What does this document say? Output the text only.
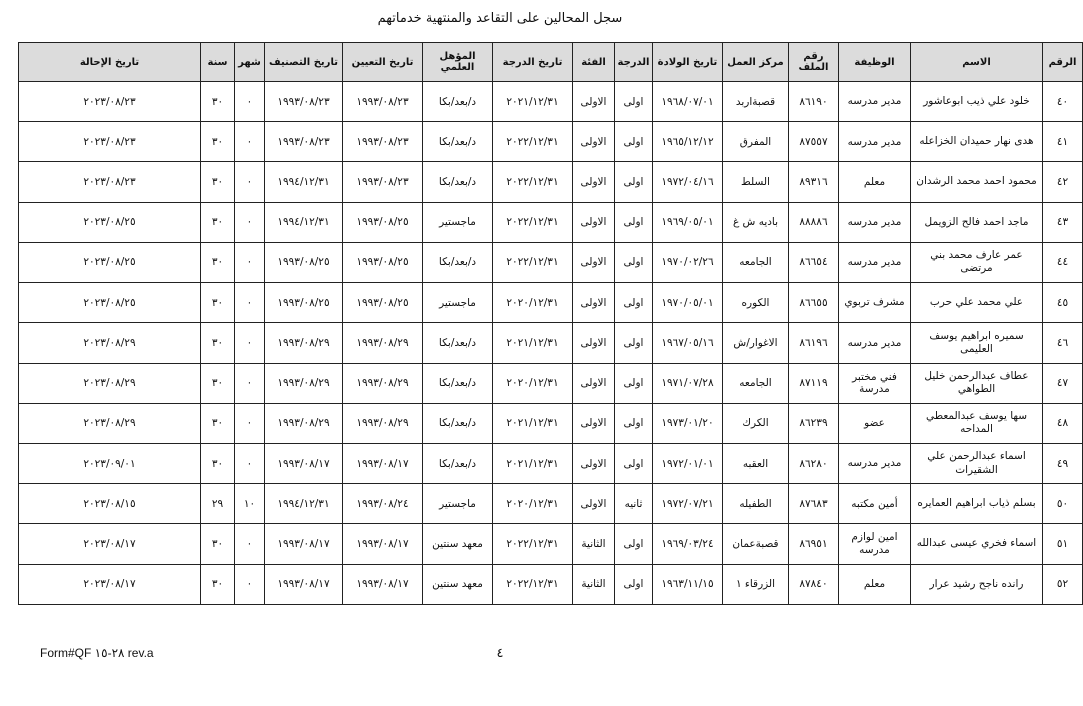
سجل المحالين على التقاعد والمنتهية خدماتهم
الرقم	الاسم	الوظيفة	رقم الملف	مركز العمل	تاريخ الولادة	الدرجة	الفئة	تاريخ الدرجة	المؤهل العلمي	تاريخ التعيين	تاريخ التصنيف	شهر	سنة	تاريخ الإحالة
٤٠	خلود علي ذيب ابوعاشور	مدير مدرسه	٨٦١٩٠	قصبةاربد	١٩٦٨/٠٧/٠١	اولى	الاولى	٢٠٢١/١٢/٣١	د/بعد/بكا	١٩٩٣/٠٨/٢٣	١٩٩٣/٠٨/٢٣	٠	٣٠	٢٠٢٣/٠٨/٢٣
٤١	هدى نهار حميدان الخزاعله	مدير مدرسه	٨٧٥٥٧	المفرق	١٩٦٥/١٢/١٢	اولى	الاولى	٢٠٢٢/١٢/٣١	د/بعد/بكا	١٩٩٣/٠٨/٢٣	١٩٩٣/٠٨/٢٣	٠	٣٠	٢٠٢٣/٠٨/٢٣
٤٢	محمود احمد محمد الرشدان	معلم	٨٩٣١٦	السلط	١٩٧٢/٠٤/١٦	اولى	الاولى	٢٠٢٢/١٢/٣١	د/بعد/بكا	١٩٩٣/٠٨/٢٣	١٩٩٤/١٢/٣١	٠	٣٠	٢٠٢٣/٠٨/٢٣
٤٣	ماجد احمد فالح الزويمل	مدير مدرسه	٨٨٨٨٦	باديه ش غ	١٩٦٩/٠٥/٠١	اولى	الاولى	٢٠٢٢/١٢/٣١	ماجستير	١٩٩٣/٠٨/٢٥	١٩٩٤/١٢/٣١	٠	٣٠	٢٠٢٣/٠٨/٢٥
٤٤	عمر عارف محمد بني مرتضى	مدير مدرسه	٨٦٦٥٤	الجامعه	١٩٧٠/٠٢/٢٦	اولى	الاولى	٢٠٢٢/١٢/٣١	د/بعد/بكا	١٩٩٣/٠٨/٢٥	١٩٩٣/٠٨/٢٥	٠	٣٠	٢٠٢٣/٠٨/٢٥
٤٥	علي محمد علي حرب	مشرف تربوي	٨٦٦٥٥	الكوره	١٩٧٠/٠٥/٠١	اولى	الاولى	٢٠٢٠/١٢/٣١	ماجستير	١٩٩٣/٠٨/٢٥	١٩٩٣/٠٨/٢٥	٠	٣٠	٢٠٢٣/٠٨/٢٥
٤٦	سميره ابراهيم يوسف العليمى	مدير مدرسه	٨٦١٩٦	الاغوار/ش	١٩٦٧/٠٥/١٦	اولى	الاولى	٢٠٢١/١٢/٣١	د/بعد/بكا	١٩٩٣/٠٨/٢٩	١٩٩٣/٠٨/٢٩	٠	٣٠	٢٠٢٣/٠٨/٢٩
٤٧	عطاف عبدالرحمن خليل الطواهي	فني مختبر مدرسة	٨٧١١٩	الجامعه	١٩٧١/٠٧/٢٨	اولى	الاولى	٢٠٢٠/١٢/٣١	د/بعد/بكا	١٩٩٣/٠٨/٢٩	١٩٩٣/٠٨/٢٩	٠	٣٠	٢٠٢٣/٠٨/٢٩
٤٨	سها يوسف عبدالمعطي المداحه	عضو	٨٦٢٣٩	الكرك	١٩٧٣/٠١/٢٠	اولى	الاولى	٢٠٢١/١٢/٣١	د/بعد/بكا	١٩٩٣/٠٨/٢٩	١٩٩٣/٠٨/٢٩	٠	٣٠	٢٠٢٣/٠٨/٢٩
٤٩	اسماء عبدالرحمن علي الشقيرات	مدير مدرسه	٨٦٢٨٠	العقبه	١٩٧٢/٠١/٠١	اولى	الاولى	٢٠٢١/١٢/٣١	د/بعد/بكا	١٩٩٣/٠٨/١٧	١٩٩٣/٠٨/١٧	٠	٣٠	٢٠٢٣/٠٩/٠١
٥٠	بسلم ذياب ابراهيم العمايره	أمين مكتبه	٨٧٦٨٣	الطفيله	١٩٧٢/٠٧/٢١	ثانيه	الاولى	٢٠٢٠/١٢/٣١	ماجستير	١٩٩٣/٠٨/٢٤	١٩٩٤/١٢/٣١	١٠	٢٩	٢٠٢٣/٠٨/١٥
٥١	اسماء فخري عيسى عبدالله	امين لوازم مدرسه	٨٦٩٥١	قصبةعمان	١٩٦٩/٠٣/٢٤	اولى	الثانية	٢٠٢٢/١٢/٣١	معهد سنتين	١٩٩٣/٠٨/١٧	١٩٩٣/٠٨/١٧	٠	٣٠	٢٠٢٣/٠٨/١٧
٥٢	رانده ناجح رشيد عرار	معلم	٨٧٨٤٠	الزرقاء ١	١٩٦٣/١١/١٥	اولى	الثانية	٢٠٢٢/١٢/٣١	معهد سنتين	١٩٩٣/٠٨/١٧	١٩٩٣/٠٨/١٧	٠	٣٠	٢٠٢٣/٠٨/١٧
Form#QF ٢٨-١٥ rev.a	٤
